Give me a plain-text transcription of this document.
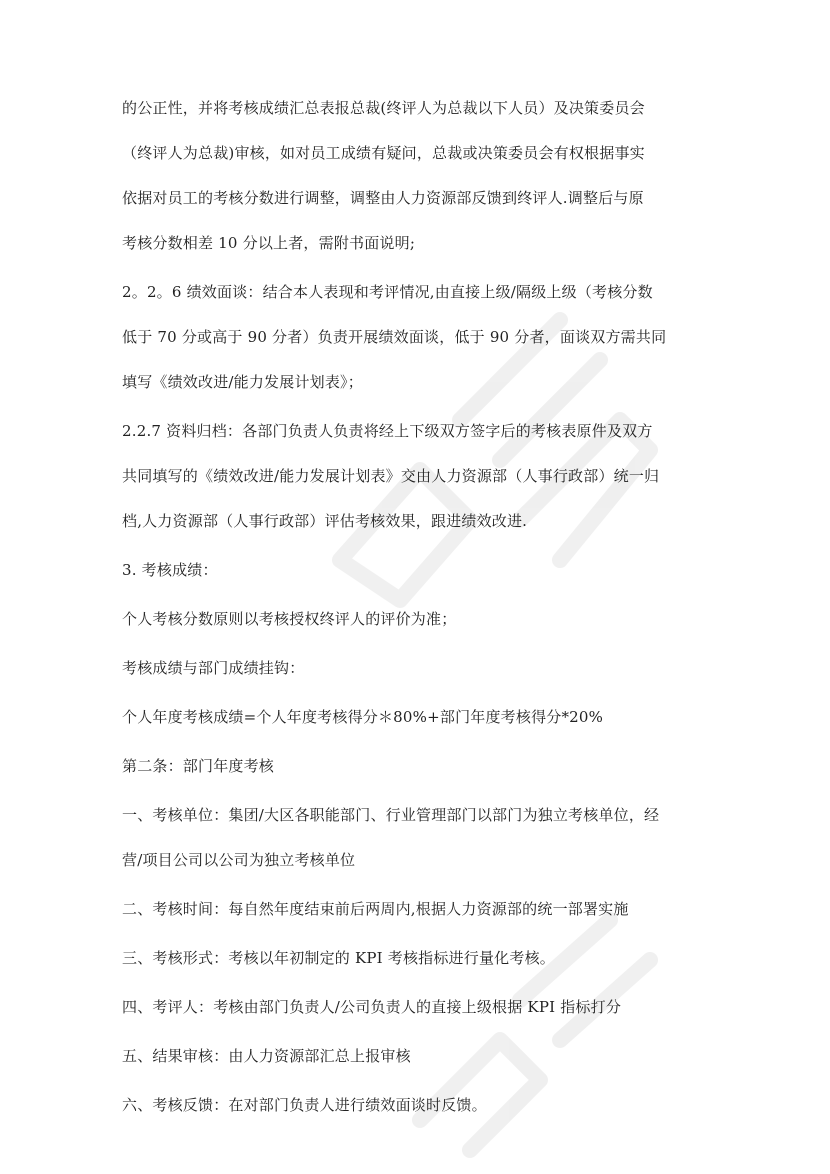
的公正性，并将考核成绩汇总表报总裁(终评人为总裁以下人员）及决策委员会

（终评人为总裁)审核，如对员工成绩有疑问，总裁或决策委员会有权根据事实

依据对员工的考核分数进行调整，调整由人力资源部反馈到终评人.调整后与原

考核分数相差 10 分以上者，需附书面说明;

2。2。6 绩效面谈：结合本人表现和考评情况,由直接上级/隔级上级（考核分数

低于 70 分或高于 90 分者）负责开展绩效面谈，低于 90 分者，面谈双方需共同

填写《绩效改进/能力发展计划表》；

2.2.7 资料归档：各部门负责人负责将经上下级双方签字后的考核表原件及双方

共同填写的《绩效改进/能力发展计划表》交由人力资源部（人事行政部）统一归

档,人力资源部（人事行政部）评估考核效果，跟进绩效改进.

3. 考核成绩：

个人考核分数原则以考核授权终评人的评价为准；

考核成绩与部门成绩挂钩：

个人年度考核成绩=个人年度考核得分＊80%+部门年度考核得分*20%

第二条：部门年度考核

一、考核单位：集团/大区各职能部门、行业管理部门以部门为独立考核单位，经

营/项目公司以公司为独立考核单位

二、考核时间：每自然年度结束前后两周内,根据人力资源部的统一部署实施

三、考核形式：考核以年初制定的 KPI 考核指标进行量化考核。

四、考评人：考核由部门负责人/公司负责人的直接上级根据 KPI 指标打分

五、结果审核：由人力资源部汇总上报审核

六、考核反馈：在对部门负责人进行绩效面谈时反馈。
